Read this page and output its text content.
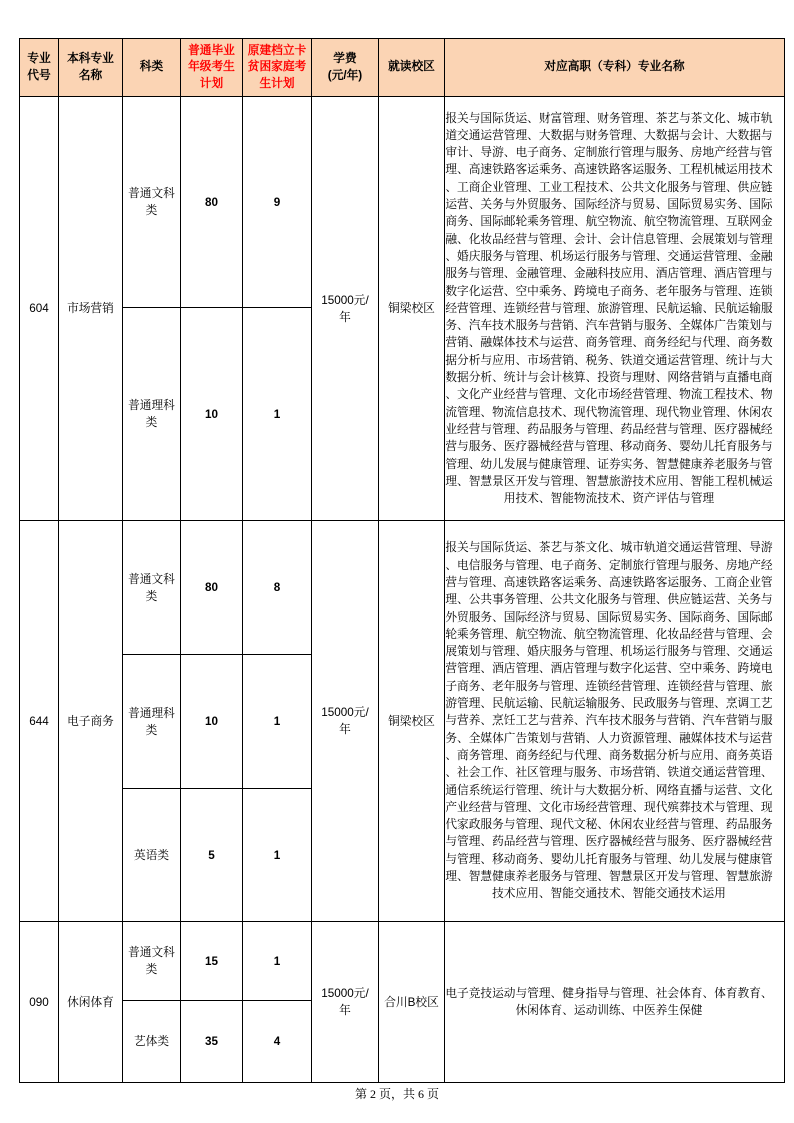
专业代号	本科专业名称	科类	普通毕业年级考生计划	原建档立卡贫困家庭考生计划	学费(元/年)	就读校区	对应高职（专科）专业名称

604	市场营销	普通文科类	80	9	15000元/年	铜梁校区	报关与国际货运、财富管理、财务管理、茶艺与茶文化、城市轨道交通运营管理、大数据与财务管理、大数据与会计、大数据与审计、导游、电子商务、定制旅行管理与服务、房地产经营与管理、高速铁路客运乘务、高速铁路客运服务、工程机械运用技术、工商企业管理、工业工程技术、公共文化服务与管理、供应链运营、关务与外贸服务、国际经济与贸易、国际贸易实务、国际商务、国际邮轮乘务管理、航空物流、航空物流管理、互联网金融、化妆品经营与管理、会计、会计信息管理、会展策划与管理、婚庆服务与管理、机场运行服务与管理、交通运营管理、金融服务与管理、金融管理、金融科技应用、酒店管理、酒店管理与数字化运营、空中乘务、跨境电子商务、老年服务与管理、连锁经营管理、连锁经营与管理、旅游管理、民航运输、民航运输服务、汽车技术服务与营销、汽车营销与服务、全媒体广告策划与营销、融媒体技术与运营、商务管理、商务经纪与代理、商务数据分析与应用、市场营销、税务、铁道交通运营管理、统计与大数据分析、统计与会计核算、投资与理财、网络营销与直播电商、文化产业经营与管理、文化市场经营管理、物流工程技术、物流管理、物流信息技术、现代物流管理、现代物业管理、休闲农业经营与管理、药品服务与管理、药品经营与管理、医疗器械经营与服务、医疗器械经营与管理、移动商务、婴幼儿托育服务与管理、幼儿发展与健康管理、证券实务、智慧健康养老服务与管理、智慧景区开发与管理、智慧旅游技术应用、智能工程机械运用技术、智能物流技术、资产评估与管理

		普通理科类	10	1			

644	电子商务	普通文科类	80	8	15000元/年	铜梁校区	报关与国际货运、茶艺与茶文化、城市轨道交通运营管理、导游、电信服务与管理、电子商务、定制旅行管理与服务、房地产经营与管理、高速铁路客运乘务、高速铁路客运服务、工商企业管理、公共事务管理、公共文化服务与管理、供应链运营、关务与外贸服务、国际经济与贸易、国际贸易实务、国际商务、国际邮轮乘务管理、航空物流、航空物流管理、化妆品经营与管理、会展策划与管理、婚庆服务与管理、机场运行服务与管理、交通运营管理、酒店管理、酒店管理与数字化运营、空中乘务、跨境电子商务、老年服务与管理、连锁经营管理、连锁经营与管理、旅游管理、民航运输、民航运输服务、民政服务与管理、烹调工艺与营养、烹饪工艺与营养、汽车技术服务与营销、汽车营销与服务、全媒体广告策划与营销、人力资源管理、融媒体技术与运营、商务管理、商务经纪与代理、商务数据分析与应用、商务英语、社会工作、社区管理与服务、市场营销、铁道交通运营管理、通信系统运行管理、统计与大数据分析、网络直播与运营、文化产业经营与管理、文化市场经营管理、现代殡葬技术与管理、现代家政服务与管理、现代文秘、休闲农业经营与管理、药品服务与管理、药品经营与管理、医疗器械经营与服务、医疗器械经营与管理、移动商务、婴幼儿托育服务与管理、幼儿发展与健康管理、智慧健康养老服务与管理、智慧景区开发与管理、智慧旅游技术应用、智能交通技术、智能交通技术运用

		普通理科类	10	1			

		英语类	5	1			

090	休闲体育	普通文科类	15	1	15000元/年	合川B校区	电子竞技运动与管理、健身指导与管理、社会体育、体育教育、休闲体育、运动训练、中医养生保健

		艺体类	35	4			
第 2 页，共 6 页
